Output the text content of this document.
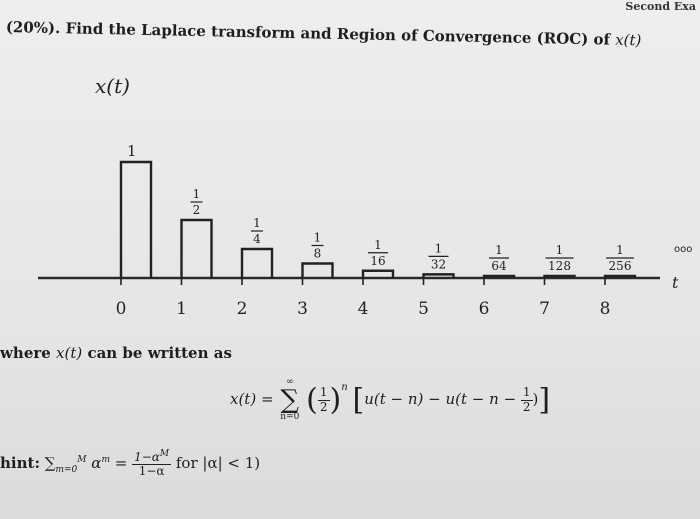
Second Exa
(20%). Find the Laplace transform and Region of Convergence (ROC) of x(t)
x(t)
t
ooo
1
1
2
1
4	1
8
1
16
1
32
1
64
1
128
1
256
0	1	2	3	4	5	6	7	8
where x(t) can be written as
x(t) =
∞
∑
n=0 ( $\frac{1}{2} )^n$ [$u(t - n) - u(t - n - \frac{1}{2}$ )]
hint: $\sum_{m=0}^M$ $\alpha^m = \frac{1-\alpha^M}{1-\alpha}$ for |α| < 1)
